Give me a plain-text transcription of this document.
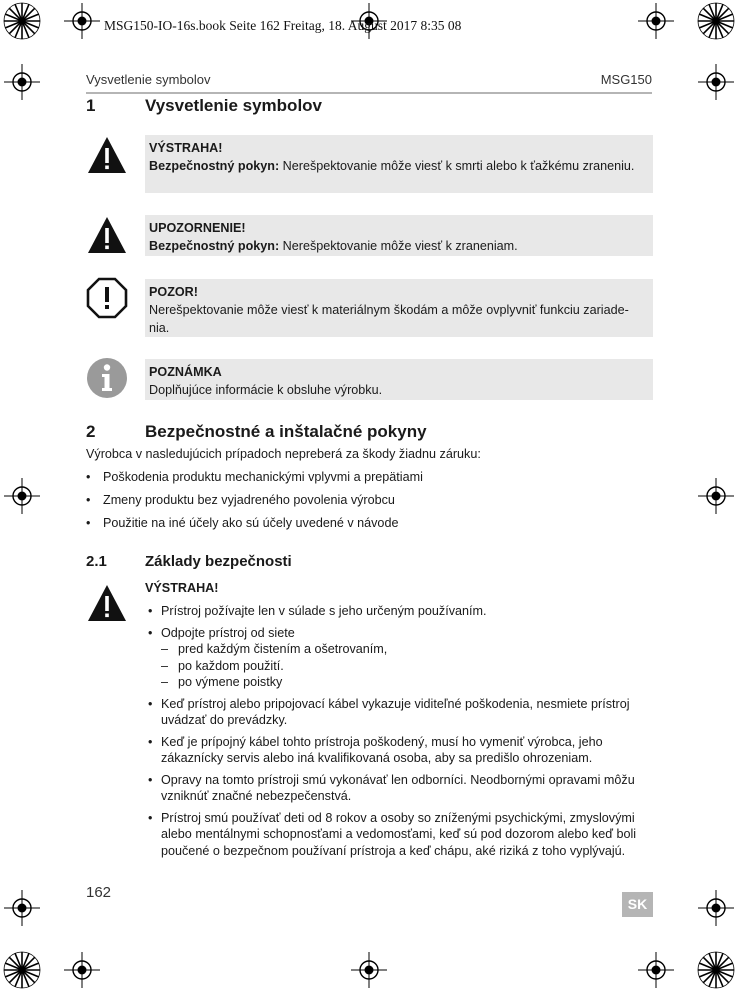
MSG150-IO-16s.book Seite 162 Freitag, 18. August 2017 8:35 08
Vysvetlenie symbolov	MSG150
1	Vysvetlenie symbolov
VÝSTRAHA!
Bezpečnostný pokyn: Nerešpektovanie môže viesť k smrti alebo k ťažkému zraneniu.
UPOZORNENIE!
Bezpečnostný pokyn: Nerešpektovanie môže viesť k zraneniam.
POZOR!
Nerešpektovanie môže viesť k materiálnym škodám a môže ovplyvniť funkciu zariade-nia.
POZNÁMKA
Doplňujúce informácie k obsluhe výrobku.
2	Bezpečnostné a inštalačné pokyny
Výrobca v nasledujúcich prípadoch nepreberá za škody žiadnu záruku:
• Poškodenia produktu mechanickými vplyvmi a prepätiami
• Zmeny produktu bez vyjadreného povolenia výrobcu
• Použitie na iné účely ako sú účely uvedené v návode
2.1	Základy bezpečnosti
VÝSTRAHA!
• Prístroj požívajte len v súlade s jeho určeným používaním.
• Odpojte prístroj od siete
– pred každým čistením a ošetrovaním,
– po každom použití.
– po výmene poistky
• Keď prístroj alebo pripojovací kábel vykazuje viditeľné poškodenia, nesmiete prístroj uvádzať do prevádzky.
• Keď je prípojný kábel tohto prístroja poškodený, musí ho vymeniť výrobca, jeho zákaznícky servis alebo iná kvalifikovaná osoba, aby sa predišlo ohrozeniam.
• Opravy na tomto prístroji smú vykonávať len odborníci. Neodbornými opravami môžu vzniknúť značné nebezpečenstvá.
• Prístroj smú používať deti od 8 rokov a osoby so zníženými psychickými, zmyslovými alebo mentálnymi schopnosťami a vedomosťami, keď sú pod dozorom alebo keď boli poučené o bezpečnom používaní prístroja a keď chápu, aké riziká z toho vyplývajú.
162
SK
